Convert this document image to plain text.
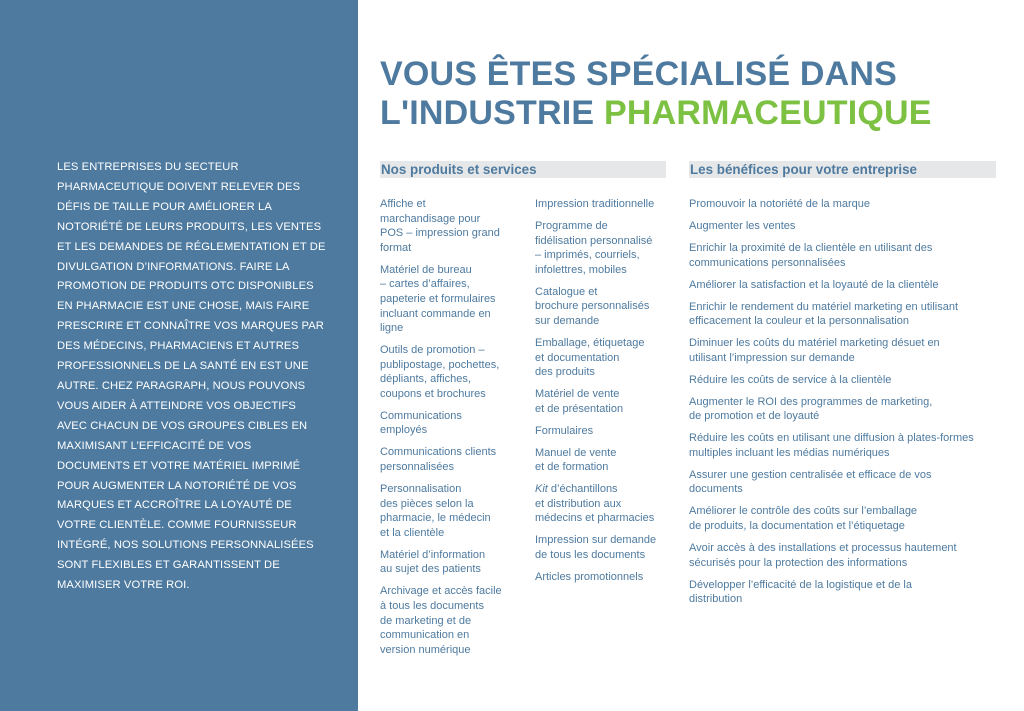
LES ENTREPRISES DU SECTEUR PHARMACEUTIQUE DOIVENT RELEVER DES DÉFIS DE TAILLE POUR AMÉLIORER LA NOTORIÉTÉ DE LEURS PRODUITS, LES VENTES ET LES DEMANDES DE RÉGLEMENTATION ET DE DIVULGATION D’INFORMATIONS. FAIRE LA PROMOTION DE PRODUITS OTC DISPONIBLES EN PHARMACIE EST UNE CHOSE, MAIS FAIRE PRESCRIRE ET CONNAÎTRE VOS MARQUES PAR DES MÉDECINS, PHARMACIENS ET AUTRES PROFESSIONNELS DE LA SANTÉ EN EST UNE AUTRE. CHEZ PARAGRAPH, NOUS POUVONS VOUS AIDER À ATTEINDRE VOS OBJECTIFS AVEC CHACUN DE VOS GROUPES CIBLES EN MAXIMISANT L’EFFICACITÉ DE VOS DOCUMENTS ET VOTRE MATÉRIEL IMPRIMÉ POUR AUGMENTER LA NOTORIÉTÉ DE VOS MARQUES ET ACCROÎTRE LA LOYAUTÉ DE VOTRE CLIENTÈLE. COMME FOURNISSEUR INTÉGRÉ, NOS SOLUTIONS PERSONNALISÉES SONT FLEXIBLES ET GARANTISSENT DE MAXIMISER VOTRE ROI.
VOUS ÊTES SPÉCIALISÉ DANS
L'INDUSTRIE PHARMACEUTIQUE
Nos produits et services	Les bénéfices pour votre entreprise
Affiche et
marchandisage pour
POS – impression grand
format
Matériel de bureau
– cartes d’affaires,
papeterie et formulaires
incluant commande en
ligne
Outils de promotion –
publipostage, pochettes,
dépliants, affiches,
coupons et brochures
Communications
employés
Communications clients
personnalisées
Personnalisation
des pièces selon la
pharmacie, le médecin
et la clientèle
Matériel d’information
au sujet des patients
Archivage et accès facile
à tous les documents
de marketing et de
communication en
version numérique
Impression traditionnelle
Programme de
fidélisation personnalisé
– imprimés, courriels,
infolettres, mobiles
Catalogue et
brochure personnalisés
sur demande
Emballage, étiquetage
et documentation
des produits
Matériel de vente
et de présentation
Formulaires
Manuel de vente
et de formation
Kit d’échantillons
et distribution aux
médecins et pharmacies
Impression sur demande
de tous les documents
Articles promotionnels
Promouvoir la notoriété de la marque
Augmenter les ventes
Enrichir la proximité de la clientèle en utilisant des
communications personnalisées
Améliorer la satisfaction et la loyauté de la clientèle
Enrichir le rendement du matériel marketing en utilisant
efficacement la couleur et la personnalisation
Diminuer les coûts du matériel marketing désuet en
utilisant l’impression sur demande
Réduire les coûts de service à la clientèle
Augmenter le ROI des programmes de marketing,
de promotion et de loyauté
Réduire les coûts en utilisant une diffusion à plates-formes
multiples incluant les médias numériques
Assurer une gestion centralisée et efficace de vos
documents
Améliorer le contrôle des coûts sur l’emballage
de produits, la documentation et l’étiquetage
Avoir accès à des installations et processus hautement
sécurisés pour la protection des informations
Développer l’efficacité de la logistique et de la
distribution
